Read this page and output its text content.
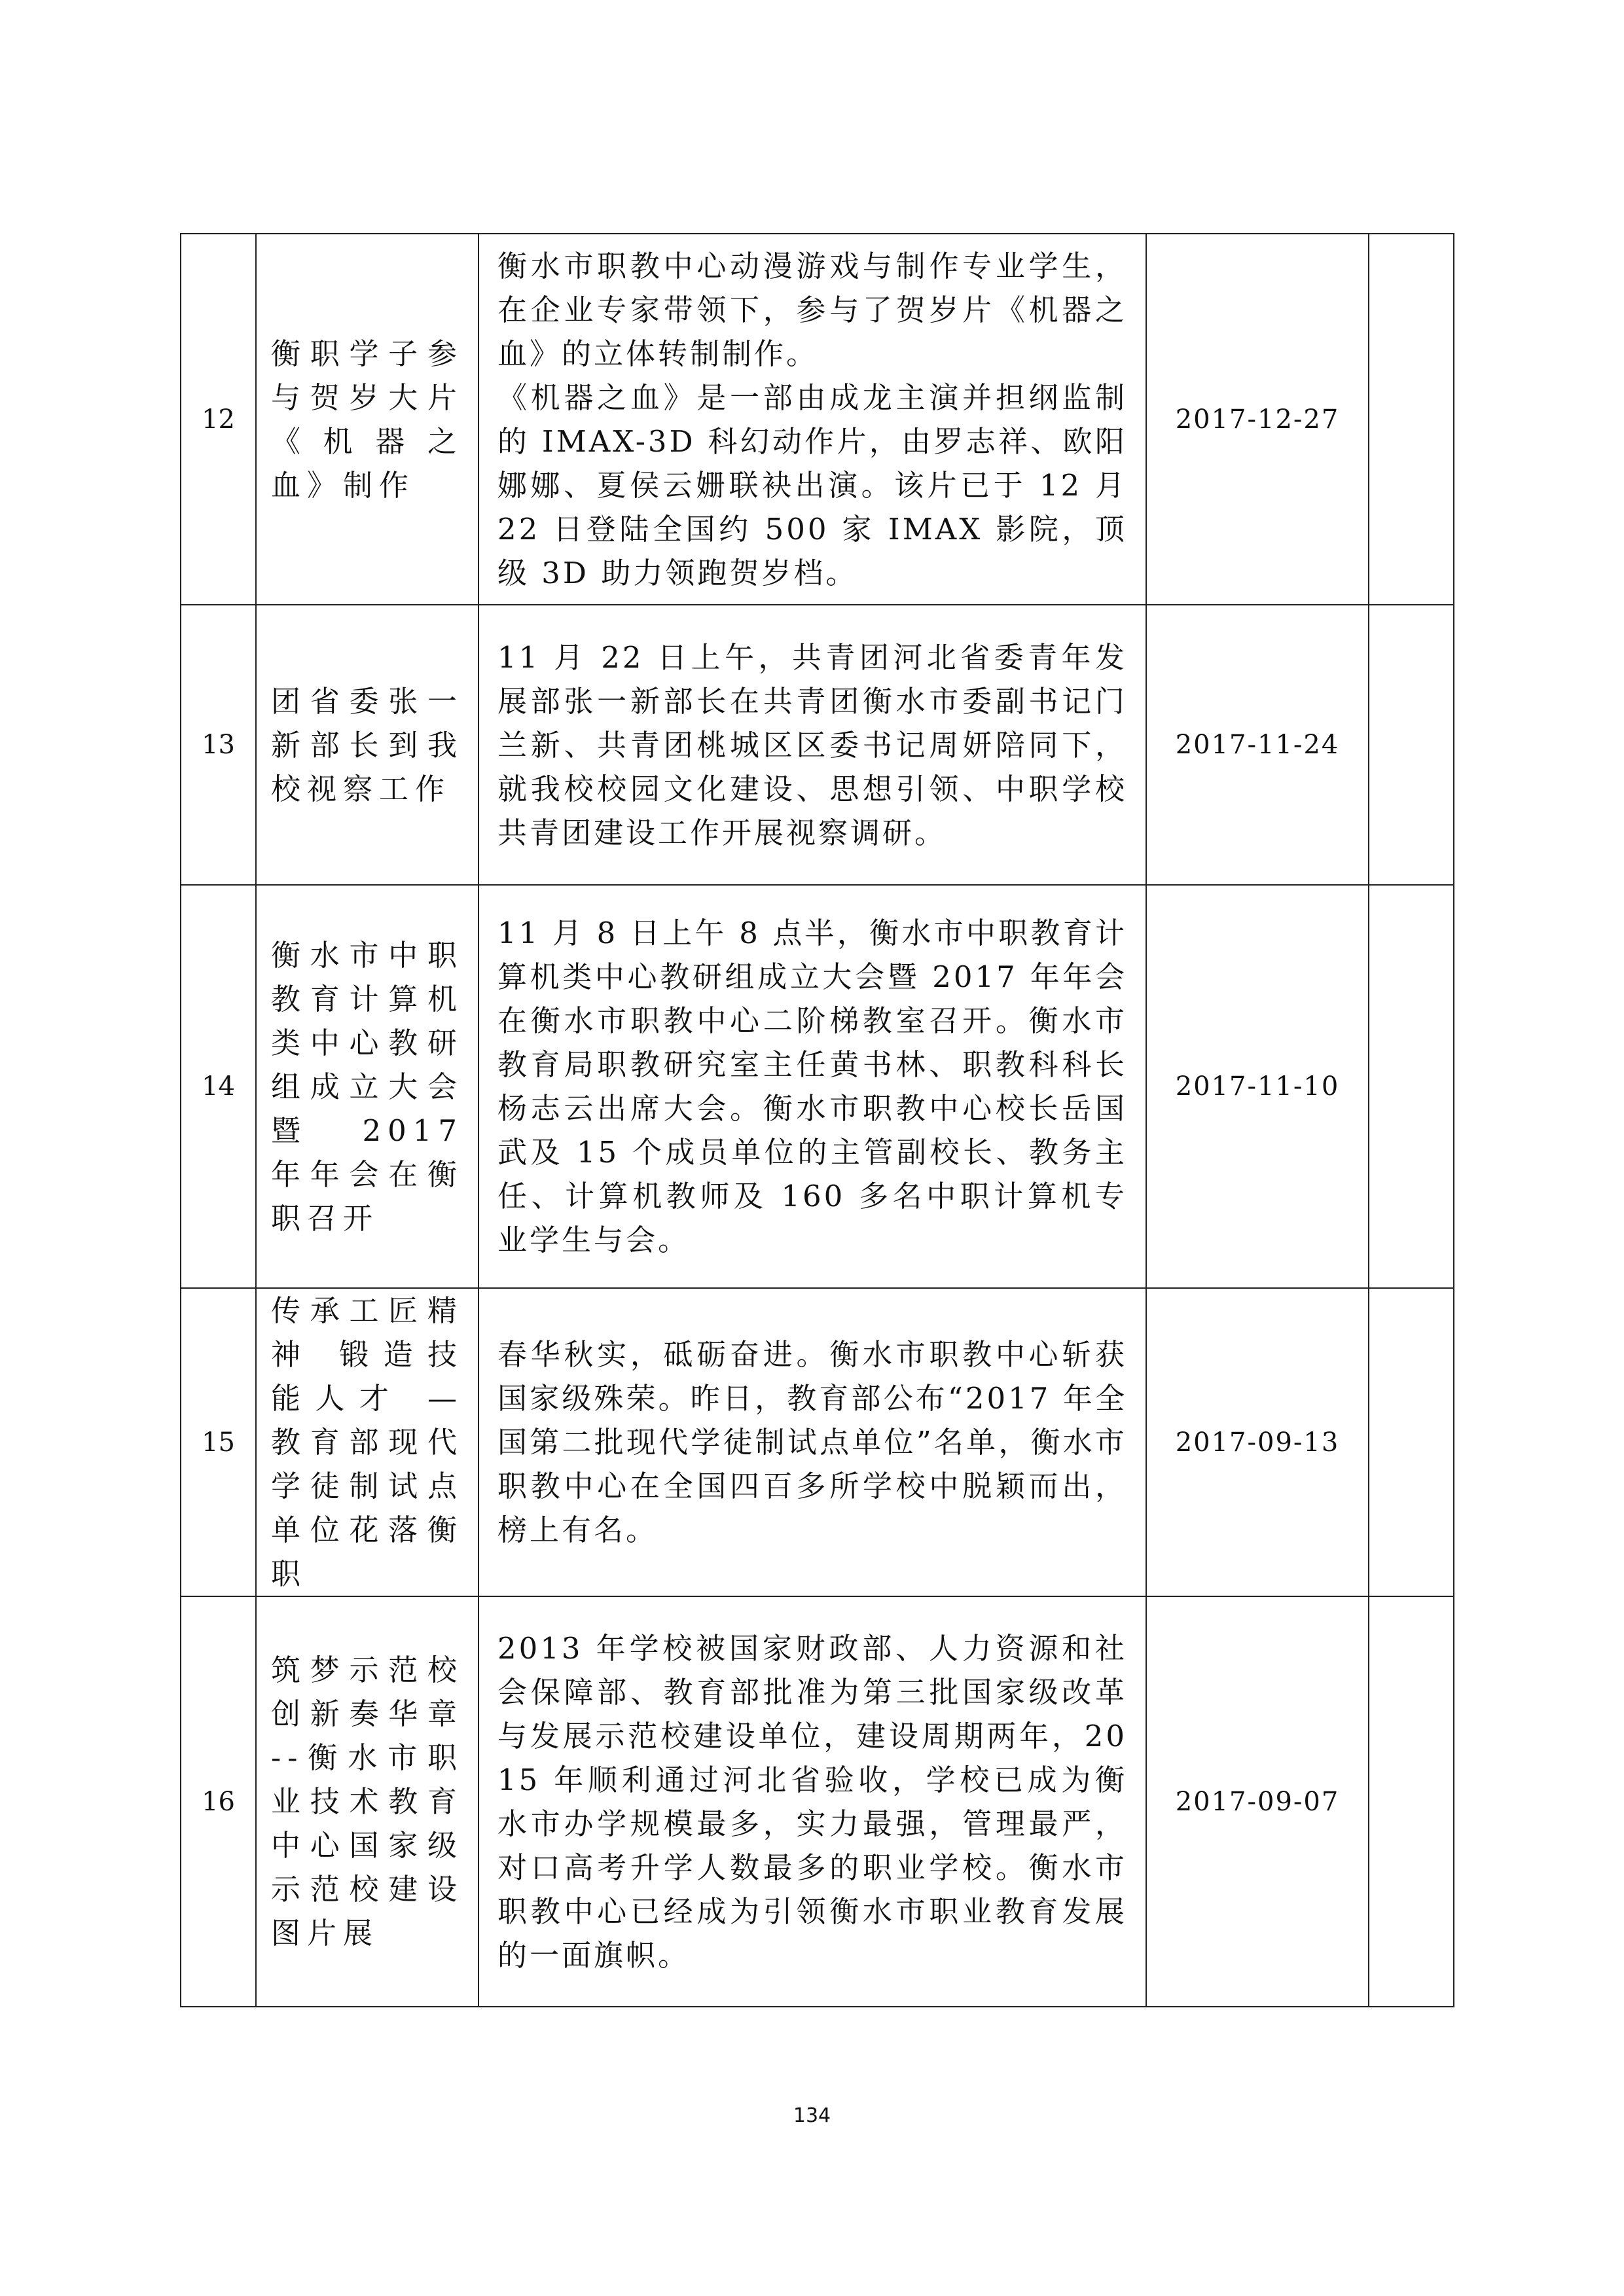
12	衡职学子参与贺岁大片《机器之血》制作	衡水市职教中心动漫游戏与制作专业学生，在企业专家带领下，参与了贺岁片《机器之血》的立体转制制作。

《机器之血》是一部由成龙主演并担纲监制的 IMAX-3D 科幻动作片，由罗志祥、欧阳娜娜、夏侯云姗联袂出演。该片已于 12 月 22 日登陆全国约 500 家 IMAX 影院，顶级 3D 助力领跑贺岁档。	2017-12-27	
13	团省委张一新部长到我校视察工作	11 月 22 日上午，共青团河北省委青年发展部张一新部长在共青团衡水市委副书记门兰新、共青团桃城区区委书记周妍陪同下，就我校校园文化建设、思想引领、中职学校共青团建设工作开展视察调研。	2017-11-24	
14	衡水市中职教育计算机类中心教研组成立大会暨 2017 年年会在衡职召开	11 月 8 日上午 8 点半，衡水市中职教育计算机类中心教研组成立大会暨 2017 年年会在衡水市职教中心二阶梯教室召开。衡水市教育局职教研究室主任黄书林、职教科科长杨志云出席大会。衡水市职教中心校长岳国武及 15 个成员单位的主管副校长、教务主任、计算机教师及 160 多名中职计算机专业学生与会。	2017-11-10	
15	传承工匠精神 锻造技能人才 —教育部现代学徒制试点单位花落衡职	春华秋实，砥砺奋进。衡水市职教中心斩获国家级殊荣。昨日，教育部公布“2017 年全国第二批现代学徒制试点单位”名单，衡水市职教中心在全国四百多所学校中脱颖而出，榜上有名。	2017-09-13	
16	筑梦示范校 创新奏华章 --衡水市职业技术教育中心国家级示范校建设图片展	2013 年学校被国家财政部、人力资源和社会保障部、教育部批准为第三批国家级改革与发展示范校建设单位，建设周期两年，2015 年顺利通过河北省验收，学校已成为衡水市办学规模最多，实力最强，管理最严，对口高考升学人数最多的职业学校。衡水市职教中心已经成为引领衡水市职业教育发展的一面旗帜。	2017-09-07	
134
